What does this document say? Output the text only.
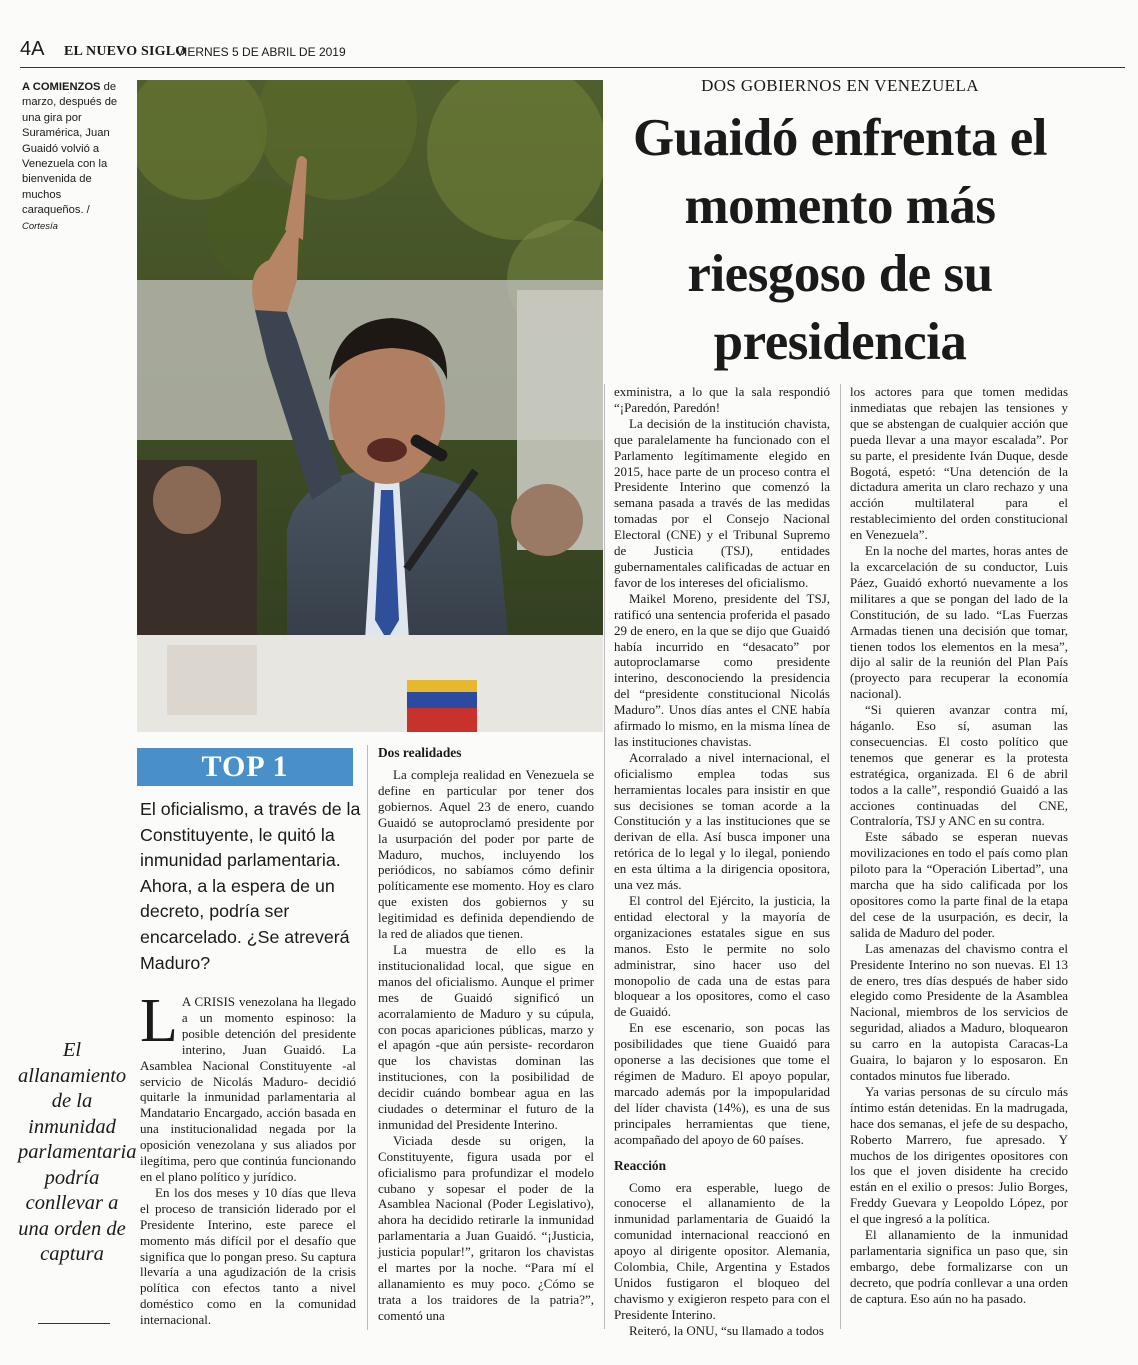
4A EL NUEVO SIGLO
VIERNES 5 DE ABRIL DE 2019
A COMIENZOS de marzo, después de una gira por Suramérica, Juan Guaidó volvió a Venezuela con la bienvenida de muchos caraqueños. / Cortesía
DOS GOBIERNOS EN VENEZUELA
Guaidó enfrenta el momento más riesgoso de su presidencia
TOP 1
El oficialismo, a través de la Constituyente, le quitó la inmunidad parlamentaria. Ahora, a la espera de un decreto, podría ser encarcelado. ¿Se atreverá Maduro?
El allanamiento de la inmunidad parlamentaria podría conllevar a una orden de captura

L A CRISIS venezolana ha llegado a un momento espinoso: la posible detención del presidente interino, Juan Guaidó. La Asamblea Nacional Constituyente -al servicio de Nicolás Maduro- decidió quitarle la inmunidad parlamentaria al Mandatario Encargado, acción basada en una institucionalidad negada por la oposición venezolana y sus aliados por ilegítima, pero que continúa funcionando en el plano político y jurídico.

En los dos meses y 10 días que lleva el proceso de transición liderado por el Presidente Interino, este parece el momento más difícil por el desafío que significa que lo pongan preso. Su captura llevaría a una agudización de la crisis política con efectos tanto a nivel doméstico como en la comunidad internacional.

Dos realidades

La compleja realidad en Venezuela se define en particular por tener dos gobiernos. Aquel 23 de enero, cuando Guaidó se autoproclamó presidente por la usurpación del poder por parte de Maduro, muchos, incluyendo los periódicos, no sabíamos cómo definir políticamente ese momento. Hoy es claro que existen dos gobiernos y su legitimidad es definida dependiendo de la red de aliados que tienen.

La muestra de ello es la institucionalidad local, que sigue en manos del oficialismo. Aunque el primer mes de Guaidó significó un acorralamiento de Maduro y su cúpula, con pocas apariciones públicas, marzo y el apagón -que aún persiste- recordaron que los chavistas dominan las instituciones, con la posibilidad de decidir cuándo bombear agua en las ciudades o determinar el futuro de la inmunidad del Presidente Interino.

Viciada desde su origen, la Constituyente, figura usada por el oficialismo para profundizar el modelo cubano y sopesar el poder de la Asamblea Nacional (Poder Legislativo), ahora ha decidido retirarle la inmunidad parlamentaria a Juan Guaidó. “¡Justicia, justicia popular!”, gritaron los chavistas el martes por la noche. “Para mí el allanamiento es muy poco. ¿Cómo se trata a los traidores de la patria?”, comentó una

exministra, a lo que la sala respondió “¡Paredón, Paredón!

La decisión de la institución chavista, que paralelamente ha funcionado con el Parlamento legítimamente elegido en 2015, hace parte de un proceso contra el Presidente Interino que comenzó la semana pasada a través de las medidas tomadas por el Consejo Nacional Electoral (CNE) y el Tribunal Supremo de Justicia (TSJ), entidades gubernamentales calificadas de actuar en favor de los intereses del oficialismo.

Maikel Moreno, presidente del TSJ, ratificó una sentencia proferida el pasado 29 de enero, en la que se dijo que Guaidó había incurrido en “desacato” por autoproclamarse como presidente interino, desconociendo la presidencia del “presidente constitucional Nicolás Maduro”. Unos días antes el CNE había afirmado lo mismo, en la misma línea de las instituciones chavistas.

Acorralado a nivel internacional, el oficialismo emplea todas sus herramientas locales para insistir en que sus decisiones se toman acorde a la Constitución y a las instituciones que se derivan de ella. Así busca imponer una retórica de lo legal y lo ilegal, poniendo en esta última a la dirigencia opositora, una vez más.

El control del Ejército, la justicia, la entidad electoral y la mayoría de organizaciones estatales sigue en sus manos. Esto le permite no solo administrar, sino hacer uso del monopolio de cada una de estas para bloquear a los opositores, como el caso de Guaidó.

En ese escenario, son pocas las posibilidades que tiene Guaidó para oponerse a las decisiones que tome el régimen de Maduro. El apoyo popular, marcado además por la impopularidad del líder chavista (14%), es una de sus principales herramientas que tiene, acompañado del apoyo de 60 países.

Reacción

Como era esperable, luego de conocerse el allanamiento de la inmunidad parlamentaria de Guaidó la comunidad internacional reaccionó en apoyo al dirigente opositor. Alemania, Colombia, Chile, Argentina y Estados Unidos fustigaron el bloqueo del chavismo y exigieron respeto para con el Presidente Interino.

Reiteró, la ONU, “su llamado a todos

los actores para que tomen medidas inmediatas que rebajen las tensiones y que se abstengan de cualquier acción que pueda llevar a una mayor escalada”. Por su parte, el presidente Iván Duque, desde Bogotá, espetó: “Una detención de la dictadura amerita un claro rechazo y una acción multilateral para el restablecimiento del orden constitucional en Venezuela”.

En la noche del martes, horas antes de la excarcelación de su conductor, Luis Páez, Guaidó exhortó nuevamente a los militares a que se pongan del lado de la Constitución, de su lado. “Las Fuerzas Armadas tienen una decisión que tomar, tienen todos los elementos en la mesa”, dijo al salir de la reunión del Plan País (proyecto para recuperar la economía nacional).

“Si quieren avanzar contra mí, háganlo. Eso sí, asuman las consecuencias. El costo político que tenemos que generar es la protesta estratégica, organizada. El 6 de abril todos a la calle”, respondió Guaidó a las acciones continuadas del CNE, Contraloría, TSJ y ANC en su contra.

Este sábado se esperan nuevas movilizaciones en todo el país como plan piloto para la “Operación Libertad”, una marcha que ha sido calificada por los opositores como la parte final de la etapa del cese de la usurpación, es decir, la salida de Maduro del poder.

Las amenazas del chavismo contra el Presidente Interino no son nuevas. El 13 de enero, tres días después de haber sido elegido como Presidente de la Asamblea Nacional, miembros de los servicios de seguridad, aliados a Maduro, bloquearon su carro en la autopista Caracas-La Guaira, lo bajaron y lo esposaron. En contados minutos fue liberado.

Ya varias personas de su círculo más íntimo están detenidas. En la madrugada, hace dos semanas, el jefe de su despacho, Roberto Marrero, fue apresado. Y muchos de los dirigentes opositores con los que el joven disidente ha crecido están en el exilio o presos: Julio Borges, Freddy Guevara y Leopoldo López, por el que ingresó a la política.

El allanamiento de la inmunidad parlamentaria significa un paso que, sin embargo, debe formalizarse con un decreto, que podría conllevar a una orden de captura. Eso aún no ha pasado.
